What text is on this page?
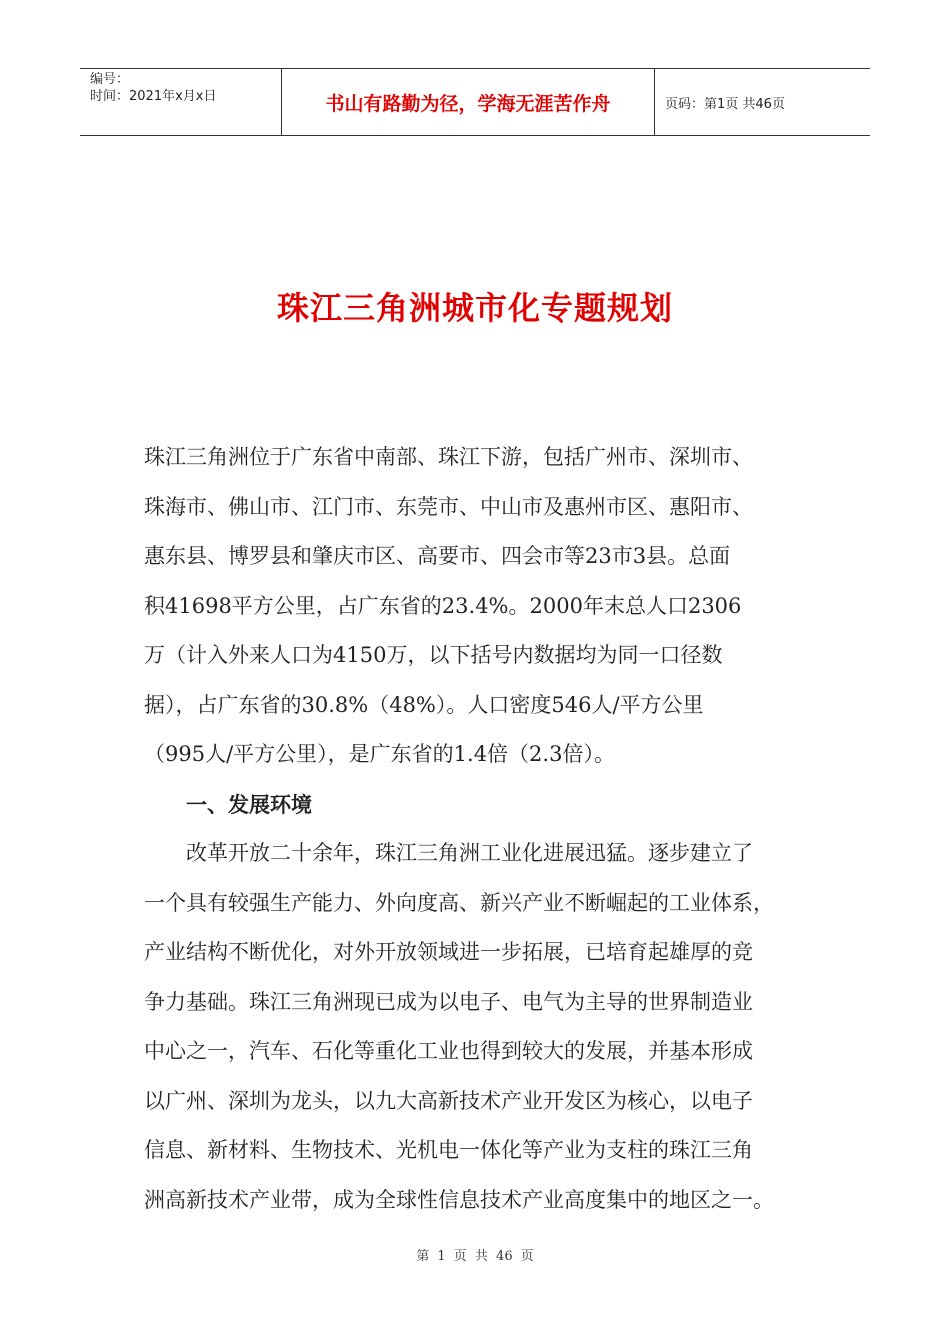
编号：
时间：2021年x月x日	书山有路勤为径，学海无涯苦作舟	页码：第1页 共46页
珠江三角洲城市化专题规划

珠江三角洲位于广东省中南部、珠江下游，包括广州市、深圳市、
珠海市、佛山市、江门市、东莞市、中山市及惠州市区、惠阳市、
惠东县、博罗县和肇庆市区、高要市、四会市等23市3县。总面
积41698平方公里，占广东省的23.4%。2000年末总人口2306
万（计入外来人口为4150万，以下括号内数据均为同一口径数
据），占广东省的30.8%（48%）。人口密度546人/平方公里
（995人/平方公里），是广东省的1.4倍（2.3倍）。

一、发展环境

改革开放二十余年，珠江三角洲工业化进展迅猛。逐步建立了
一个具有较强生产能力、外向度高、新兴产业不断崛起的工业体系，
产业结构不断优化，对外开放领域进一步拓展，已培育起雄厚的竞
争力基础。珠江三角洲现已成为以电子、电气为主导的世界制造业
中心之一，汽车、石化等重化工业也得到较大的发展，并基本形成
以广州、深圳为龙头，以九大高新技术产业开发区为核心，以电子
信息、新材料、生物技术、光机电一体化等产业为支柱的珠江三角
洲高新技术产业带，成为全球性信息技术产业高度集中的地区之一。

第 1 页 共 46 页
